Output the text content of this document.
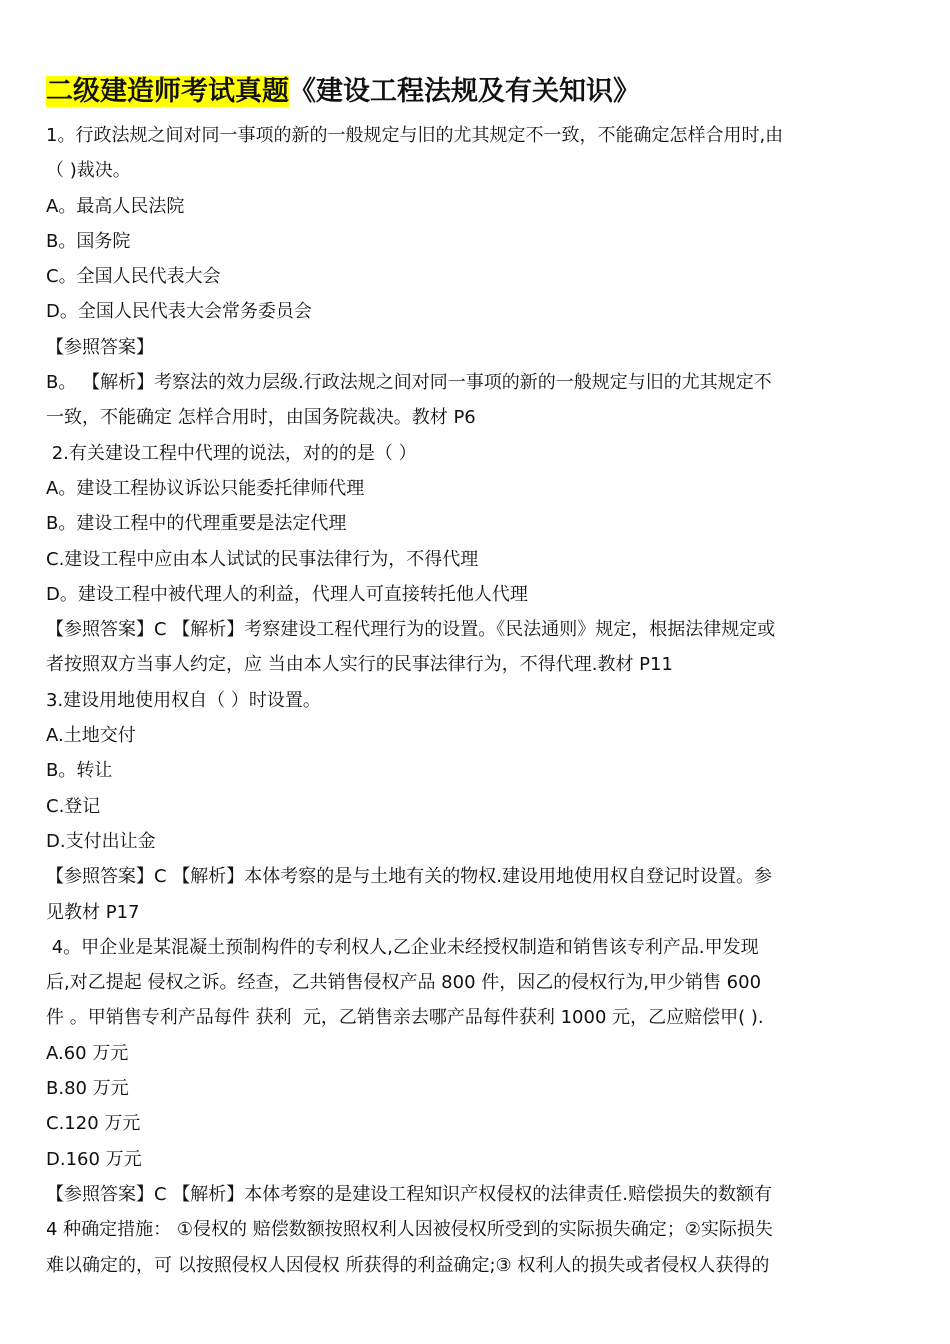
二级建造师考试真题《建设工程法规及有关知识》
1。行政法规之间对同一事项的新的一般规定与旧的尤其规定不一致，不能确定怎样合用时,由
（ )裁决。
A。最高人民法院
B。国务院
C。全国人民代表大会
D。全国人民代表大会常务委员会
【参照答案】
B。 【解析】考察法的效力层级.行政法规之间对同一事项的新的一般规定与旧的尤其规定不
一致，不能确定 怎样合用时，由国务院裁决。教材 P6
2.有关建设工程中代理的说法，对的的是（ ）
A。建设工程协议诉讼只能委托律师代理
B。建设工程中的代理重要是法定代理
C.建设工程中应由本人试试的民事法律行为，不得代理
D。建设工程中被代理人的利益，代理人可直接转托他人代理
【参照答案】C 【解析】考察建设工程代理行为的设置。《民法通则》规定，根据法律规定或
者按照双方当事人约定，应 当由本人实行的民事法律行为，不得代理.教材 P11
3.建设用地使用权自（ ）时设置。
A.土地交付
B。转让
C.登记
D.支付出让金
【参照答案】C 【解析】本体考察的是与土地有关的物权.建设用地使用权自登记时设置。参
见教材 P17
4。甲企业是某混凝土预制构件的专利权人,乙企业未经授权制造和销售该专利产品.甲发现
后,对乙提起 侵权之诉。经查，乙共销售侵权产品 800 件，因乙的侵权行为,甲少销售 600
件 。甲销售专利产品每件 获利  元，乙销售亲去哪产品每件获利 1000 元，乙应赔偿甲( ).
A.60 万元
B.80 万元
C.120 万元
D.160 万元
【参照答案】C 【解析】本体考察的是建设工程知识产权侵权的法律责任.赔偿损失的数额有
4 种确定措施： ①侵权的 赔偿数额按照权利人因被侵权所受到的实际损失确定；②实际损失
难以确定的，可 以按照侵权人因侵权 所获得的利益确定;③ 权利人的损失或者侵权人获得的
